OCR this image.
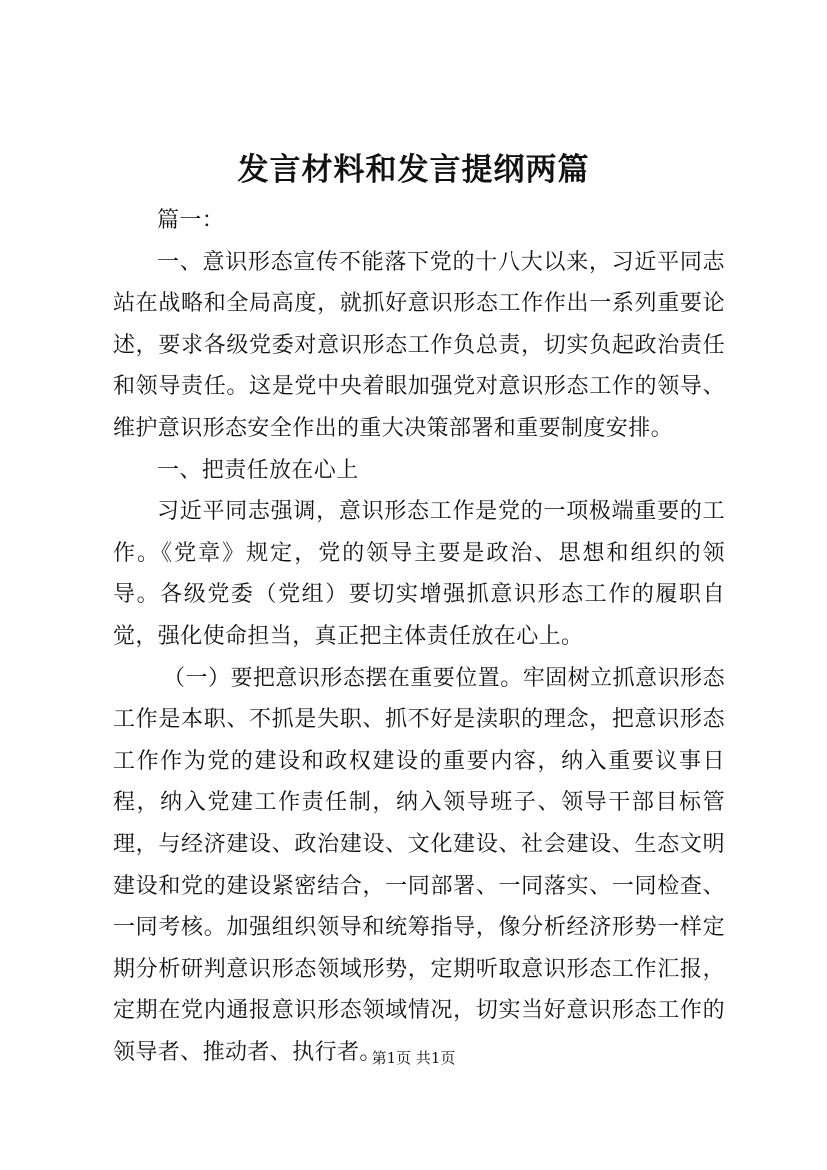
发言材料和发言提纲两篇

篇一：

一、意识形态宣传不能落下党的十八大以来，习近平同志站在战略和全局高度，就抓好意识形态工作作出一系列重要论述，要求各级党委对意识形态工作负总责，切实负起政治责任和领导责任。这是党中央着眼加强党对意识形态工作的领导、维护意识形态安全作出的重大决策部署和重要制度安排。

一、把责任放在心上

习近平同志强调，意识形态工作是党的一项极端重要的工作。《党章》规定，党的领导主要是政治、思想和组织的领导。各级党委（党组）要切实增强抓意识形态工作的履职自觉，强化使命担当，真正把主体责任放在心上。

（一）要把意识形态摆在重要位置。牢固树立抓意识形态工作是本职、不抓是失职、抓不好是渎职的理念，把意识形态工作作为党的建设和政权建设的重要内容，纳入重要议事日程，纳入党建工作责任制，纳入领导班子、领导干部目标管理，与经济建设、政治建设、文化建设、社会建设、生态文明建设和党的建设紧密结合，一同部署、一同落实、一同检查、一同考核。加强组织领导和统筹指导，像分析经济形势一样定期分析研判意识形态领域形势，定期听取意识形态工作汇报，定期在党内通报意识形态领域情况，切实当好意识形态工作的领导者、推动者、执行者。

第1页 共1页
